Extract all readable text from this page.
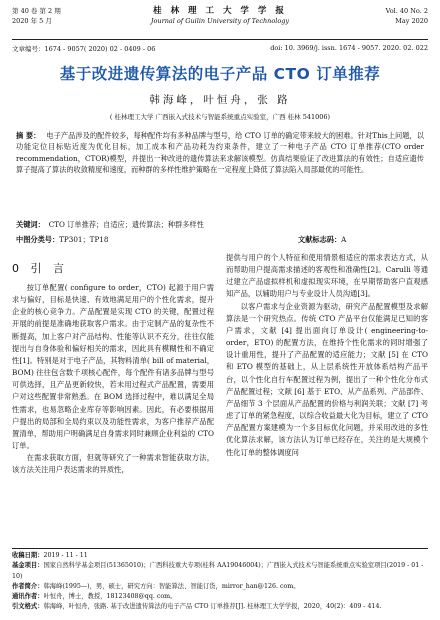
第 40 卷 第 2 期
2020 年 5 月
桂 林 理 工 大 学 学 报
Journal of Guilin University of Technology
Vol. 40 No. 2
May 2020
文章编号：1674 - 9057( 2020) 02 - 0409 - 06	doi: 10. 3969/j. issn. 1674 - 9057. 2020. 02. 022
基于改进遗传算法的电子产品 CTO 订单推荐
韩海峰，叶恒舟，张 路
( 桂林理工大学 广西嵌入式技术与智能系统重点实验室，广西 桂林 541006)
摘 要： 电子产品涉及的配件较多，每种配件均有多种品牌与型号，给 CTO 订单的确定带来较大的困难。针对This上问题，以功能定位目标贴近度为优化目标，加工成本和产品功耗为约束条件，建立了一种电子产品 CTO 订单推荐(CTO order recommendation，CTOR)模型，并提出一种改进的遗传算法来求解该模型。仿真结果验证了改进算法的有效性；自适应遗传算子提高了算法的收敛精度和速度，而种群的多样性维护策略在一定程度上降低了算法陷入局部最优的可能性。
关键词： CTO 订单推荐；自适应；遗传算法；种群多样性
中图分类号：TP301；TP18	文献标志码：A
0 引 言

按订单配置( configure to order，CTO) 起源于用户需求与偏好，目标是快速、有效地满足用户的个性化需求，提升企业的核心竞争力。产品配置是实现 CTO 的关键，配置过程开展的前提是准确地获取客户需求。由于定制产品的复杂性不断提高，加上客户对产品结构、性能等认识不充分，往往仅能提出与自身体验和偏好相关的需求，因此具有模糊性和不确定性[1]。特别是对于电子产品，其物料清单( bill of material，BOM) 往往包含数千项核心配件，每个配件有诸多品牌与型号可供选择，且产品更新较快，若未用过程式产品配置，需要用户对这些配置非常熟悉。在 BOM 选择过程中，难以满足全局性需求，也易忽略企业库存等影响因素。因此，有必要根据用户提出的局部和全局约束以及功能性需求，为客户推荐产品配置清单，帮助用户明确满足自身需求同时兼顾企业利益的 CTO 订单。

在需求获取方面，但就等研究了一种需求智能获取方法，该方法关注用户表达需求的异质性，

提供与用户的个人特征和使用情景相适应的需求表达方式，从而帮助用户提高需求描述的客观性和准确性[2]。Carulli 等通过建立产品虚拟样机和虚拟现实环境，在早期帮助客户直观感知产品，以辅助用户与专业设计人员沟通[3]。

以客户需求与企业资源为驱动，研究产品配置模型及求解算法是一个研究热点。传统 CTO 产品平台仅能满足已知的客户需求，文献 [4] 提出面向订单设计( engineering-to-order，ETO) 的配置方法，在维持个性化需求的同时增强了设计重用性，提升了产品配置的适应能力；文献 [5] 在 CTO 和 ETO 模型的基础上，从上层系统性开放体系结构产品平台，以个性化自行车配置过程为例，提出了一种个性化分布式产品配置过程；文献 [6] 基于 ETO、从产品系列、产品部件、产品细节 3 个层面从产品配置的价格与利润关联；文献 [7] 考虑了订单的紧急程度，以综合收益最大化为目标，建立了 CTO 产品配置方案建模为一个多目标优化问题，并采用改进的多性优化算法求解，该方法认为订单已经存在，关注的是大规模个性化订单的整体调度问

收稿日期：2019 - 11 - 11
基金项目：国家自然科学基金项目(51365010)；广西科技重大专项(桂科 AA19046004)；广西嵌入式技术与智能系统重点实验室项目(2019 - 01 - 10)
作者简介：韩海峰(1995—)，男，硕士，研究方向：智能算法、智能订货，mirror_han@126. com。
通讯作者：叶恒舟，博士，教授，18123408@qq. com。
引文格式：韩海峰，叶恒舟，张路. 基于改进遗传算法的电子产品 CTO 订单推荐[J]. 桂林理工大学学报，2020，40(2)：409 - 414.
